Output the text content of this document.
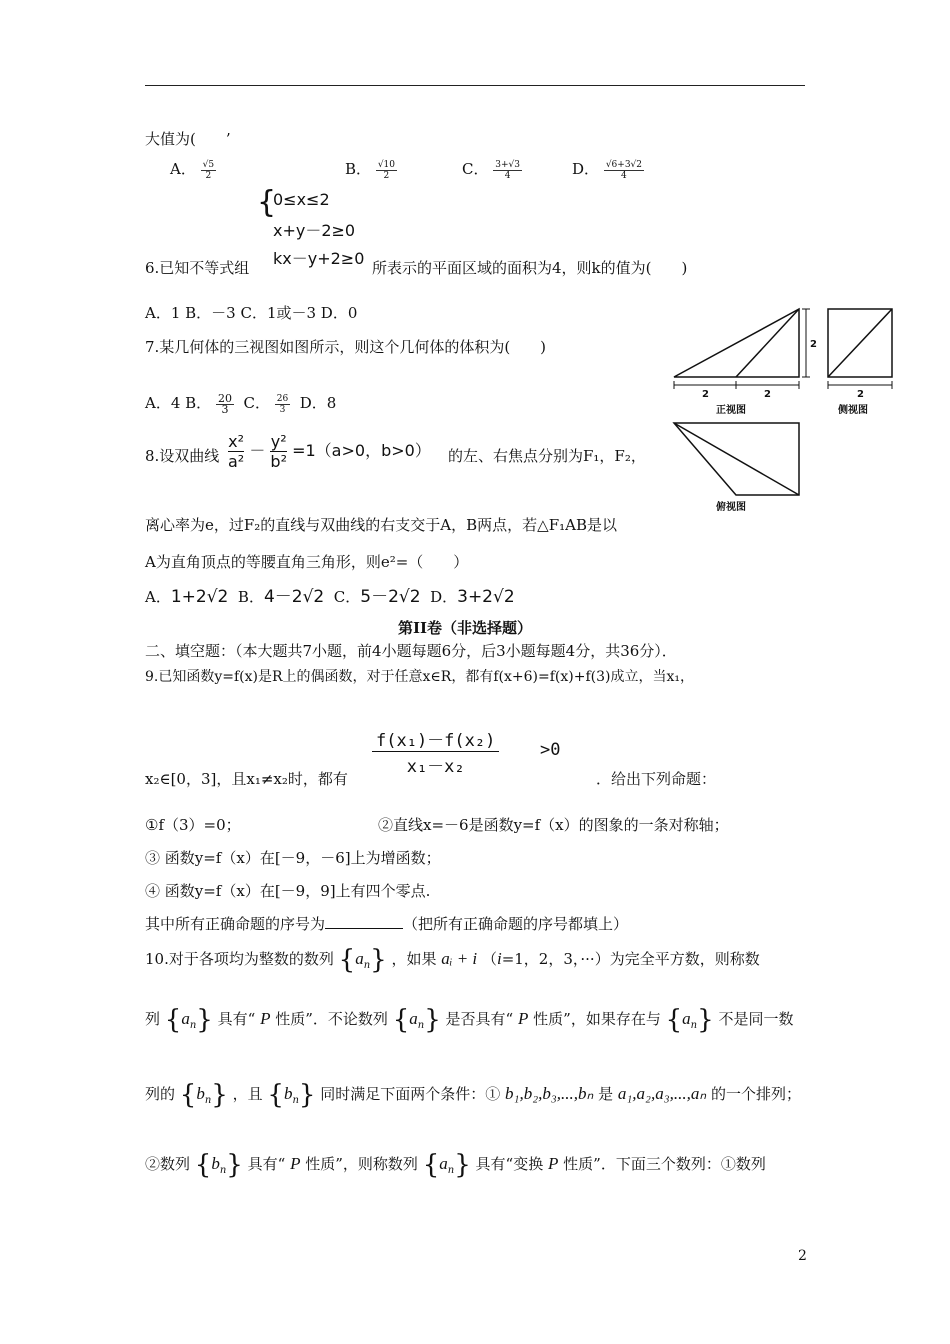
大值为(　　’
A． $\frac{√5}{2}$	B． $\frac{√10}{2}$	C． $\frac{3+√3}{4}$	D． $\frac{√6+3√2}{4}$
{
0≤x≤2
x+y－2≥0
kx－y+2≥0
6.已知不等式组	所表示的平面区域的面积为4，则k的值为(　　)
A．1 B．－3 C．1或－3 D．0
7.某几何体的三视图如图所示，则这个几何体的体积为(　　)
A．4 B． $\frac{20}{3}$ C． $\frac{26}{3}$ D．8	2	2
2
2
正视图	侧视图
俯视图
8.设双曲线 $\frac{\text{x²}}{\text{a²}} - \frac{\text{y²}}{\text{b²}} =1(a>0$，b>0） 的左、右焦点分别为F₁，F₂，
离心率为e，过F₂的直线与双曲线的右支交于A，B两点，若△F₁AB是以
A为直角顶点的等腰直角三角形，则e²=（　　）
A．1+2√2 B．4－2√2 C．5－2√2 D．3+2√2
第II卷（非选择题）
二、填空题：（本大题共7小题，前4小题每题6分，后3小题每题4分，共36分）．
9.已知函数y=f(x)是R上的偶函数，对于任意x∈R，都有f(x+6)=f(x)+f(3)成立，当x₁，
f(x₁)－f(x₂)
x₁－x₂
>0
x₂∈[0，3]，且x₁≠x₂时，都有	．给出下列命题：
①f（3）=0；	②直线x=－6是函数y=f（x）的图象的一条对称轴；
③ 函数y=f（x）在[－9，－6]上为增函数；
④ 函数y=f（x）在[－9，9]上有四个零点.
其中所有正确命题的序号为	（把所有正确命题的序号都填上）
10.对于各项均为整数的数列 $\{a_n\}$ ，如果 aᵢ + i （i=1，2，3，···）为完全平方数，则称数
列 $\{a_n\}$ 具有“ P 性质”．不论数列 $\{a_n\}$ 是否具有“ P 性质”，如果存在与 $\{a_n\}$ 不是同一数
列的 $\{b_n\}$ ，且 $\{b_n\}$ 同时满足下面两个条件：① b₁,b₂,b₃,...,bₙ 是 a₁,a₂,a₃,...,aₙ 的一个排列；
②数列 $\{b_n\}$ 具有“ P 性质”，则称数列 $\{a_n\}$ 具有“变换 P 性质”．下面三个数列：①数列
2
